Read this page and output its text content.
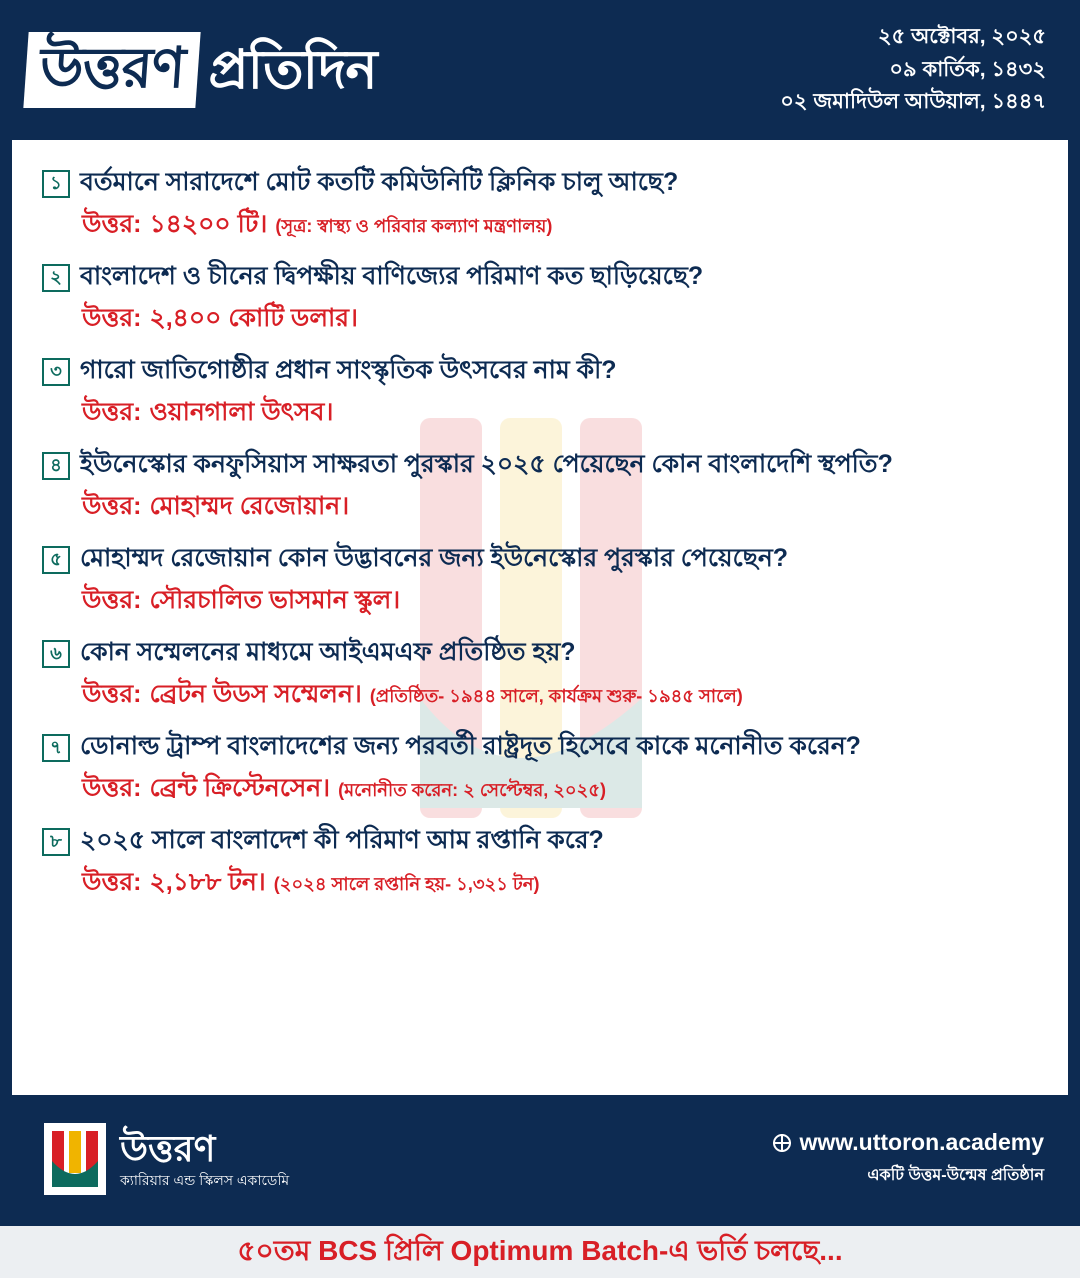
উত্তরণ প্রতিদিন
২৫ অক্টোবর, ২০২৫
০৯ কার্তিক, ১৪৩২
০২ জমাদিউল আউয়াল, ১৪৪৭
১ বর্তমানে সারাদেশে মোট কতটি কমিউনিটি ক্লিনিক চালু আছে?
উত্তর: ১৪২০০ টি। (সূত্র: স্বাস্থ্য ও পরিবার কল্যাণ মন্ত্রণালয়)
২ বাংলাদেশ ও চীনের দ্বিপক্ষীয় বাণিজ্যের পরিমাণ কত ছাড়িয়েছে?
উত্তর: ২,৪০০ কোটি ডলার।
৩ গারো জাতিগোষ্ঠীর প্রধান সাংস্কৃতিক উৎসবের নাম কী?
উত্তর: ওয়ানগালা উৎসব।
৪ ইউনেস্কোর কনফুসিয়াস সাক্ষরতা পুরস্কার ২০২৫ পেয়েছেন কোন বাংলাদেশি স্থপতি?
উত্তর: মোহাম্মদ রেজোয়ান।
৫ মোহাম্মদ রেজোয়ান কোন উদ্ভাবনের জন্য ইউনেস্কোর পুরস্কার পেয়েছেন?
উত্তর: সৌরচালিত ভাসমান স্কুল।
৬ কোন সম্মেলনের মাধ্যমে আইএমএফ প্রতিষ্ঠিত হয়?
উত্তর: ব্রেটন উডস সম্মেলন। (প্রতিষ্ঠিত- ১৯৪৪ সালে, কার্যক্রম শুরু- ১৯৪৫ সালে)
৭ ডোনাল্ড ট্রাম্প বাংলাদেশের জন্য পরবর্তী রাষ্ট্রদূত হিসেবে কাকে মনোনীত করেন?
উত্তর: ব্রেন্ট ক্রিস্টেনসেন। (মনোনীত করেন: ২ সেপ্টেম্বর, ২০২৫)
৮ ২০২৫ সালে বাংলাদেশ কী পরিমাণ আম রপ্তানি করে?
উত্তর: ২,১৮৮ টন। (২০২৪ সালে রপ্তানি হয়- ১,৩২১ টন)
উত্তরণ
ক্যারিয়ার এন্ড স্কিলস একাডেমি
www.uttoron.academy
একটি উত্তম-উন্মেষ প্রতিষ্ঠান
৫০তম BCS প্রিলি Optimum Batch-এ ভর্তি চলছে...
